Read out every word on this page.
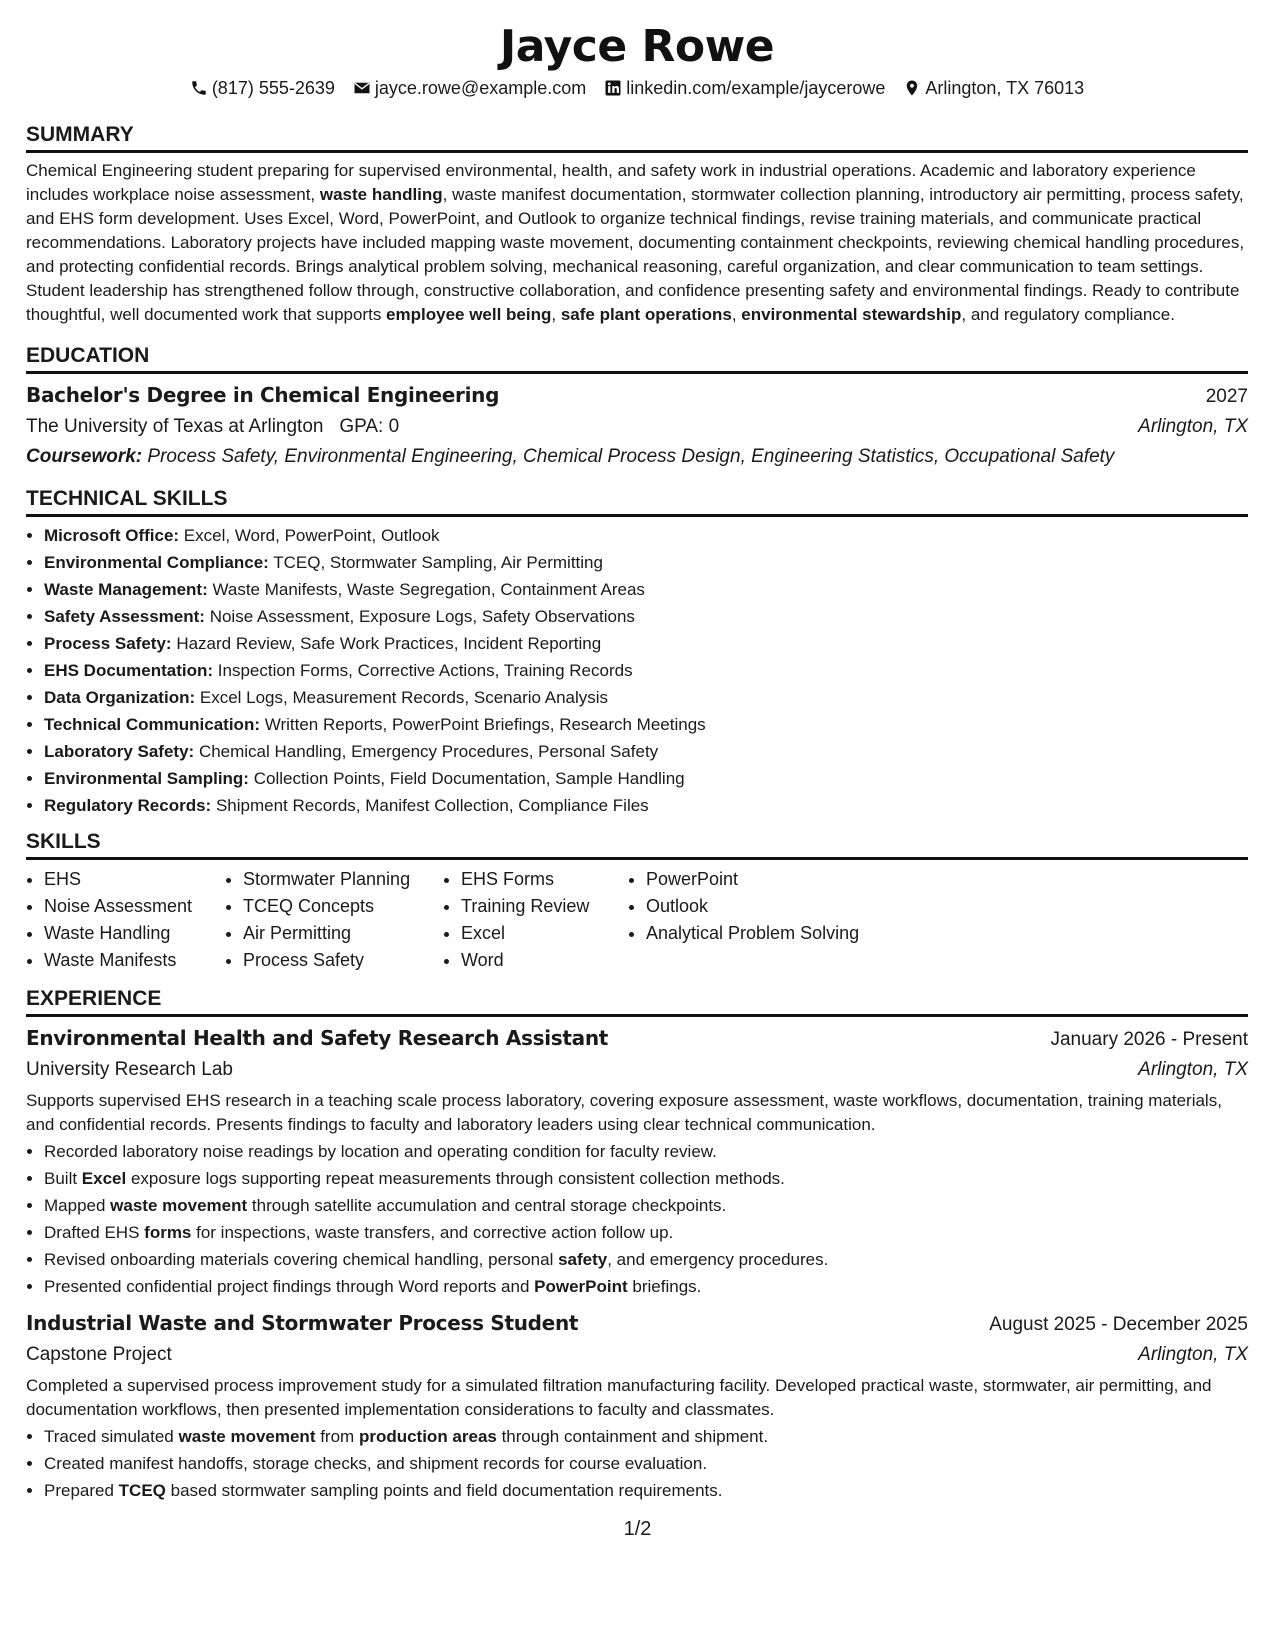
Jayce Rowe
(817) 555-2639 jayce.rowe@example.com linkedin.com/example/jaycerowe Arlington, TX 76013
SUMMARY

Chemical Engineering student preparing for supervised environmental, health, and safety work in industrial operations. Academic and laboratory experience includes workplace noise assessment, waste handling, waste manifest documentation, stormwater collection planning, introductory air permitting, process safety, and EHS form development. Uses Excel, Word, PowerPoint, and Outlook to organize technical findings, revise training materials, and communicate practical recommendations. Laboratory projects have included mapping waste movement, documenting containment checkpoints, reviewing chemical handling procedures, and protecting confidential records. Brings analytical problem solving, mechanical reasoning, careful organization, and clear communication to team settings. Student leadership has strengthened follow through, constructive collaboration, and confidence presenting safety and environmental findings. Ready to contribute thoughtful, well documented work that supports employee well being, safe plant operations, environmental stewardship, and regulatory compliance.

EDUCATION
Bachelor's Degree in Chemical Engineering	2027
The University of Texas at Arlington GPA: 0	Arlington, TX
Coursework: Process Safety, Environmental Engineering, Chemical Process Design, Engineering Statistics, Occupational Safety
TECHNICAL SKILLS
• Microsoft Office: Excel, Word, PowerPoint, Outlook
• Environmental Compliance: TCEQ, Stormwater Sampling, Air Permitting
• Waste Management: Waste Manifests, Waste Segregation, Containment Areas
• Safety Assessment: Noise Assessment, Exposure Logs, Safety Observations
• Process Safety: Hazard Review, Safe Work Practices, Incident Reporting
• EHS Documentation: Inspection Forms, Corrective Actions, Training Records
• Data Organization: Excel Logs, Measurement Records, Scenario Analysis
• Technical Communication: Written Reports, PowerPoint Briefings, Research Meetings
• Laboratory Safety: Chemical Handling, Emergency Procedures, Personal Safety
• Environmental Sampling: Collection Points, Field Documentation, Sample Handling
• Regulatory Records: Shipment Records, Manifest Collection, Compliance Files
SKILLS
• EHS
• Noise Assessment
• Waste Handling
• Waste Manifests
• Stormwater Planning
• TCEQ Concepts
• Air Permitting
• Process Safety
• EHS Forms
• Training Review
• Excel
• Word
• PowerPoint
• Outlook
• Analytical Problem Solving
EXPERIENCE
Environmental Health and Safety Research Assistant	January 2026 - Present
University Research Lab	Arlington, TX
Supports supervised EHS research in a teaching scale process laboratory, covering exposure assessment, waste workflows, documentation, training materials, and confidential records. Presents findings to faculty and laboratory leaders using clear technical communication.
• Recorded laboratory noise readings by location and operating condition for faculty review.
• Built Excel exposure logs supporting repeat measurements through consistent collection methods.
• Mapped waste movement through satellite accumulation and central storage checkpoints.
• Drafted EHS forms for inspections, waste transfers, and corrective action follow up.
• Revised onboarding materials covering chemical handling, personal safety, and emergency procedures.
• Presented confidential project findings through Word reports and PowerPoint briefings.
Industrial Waste and Stormwater Process Student	August 2025 - December 2025
Capstone Project	Arlington, TX
Completed a supervised process improvement study for a simulated filtration manufacturing facility. Developed practical waste, stormwater, air permitting, and documentation workflows, then presented implementation considerations to faculty and classmates.
• Traced simulated waste movement from production areas through containment and shipment.
• Created manifest handoffs, storage checks, and shipment records for course evaluation.
• Prepared TCEQ based stormwater sampling points and field documentation requirements.
1/2
